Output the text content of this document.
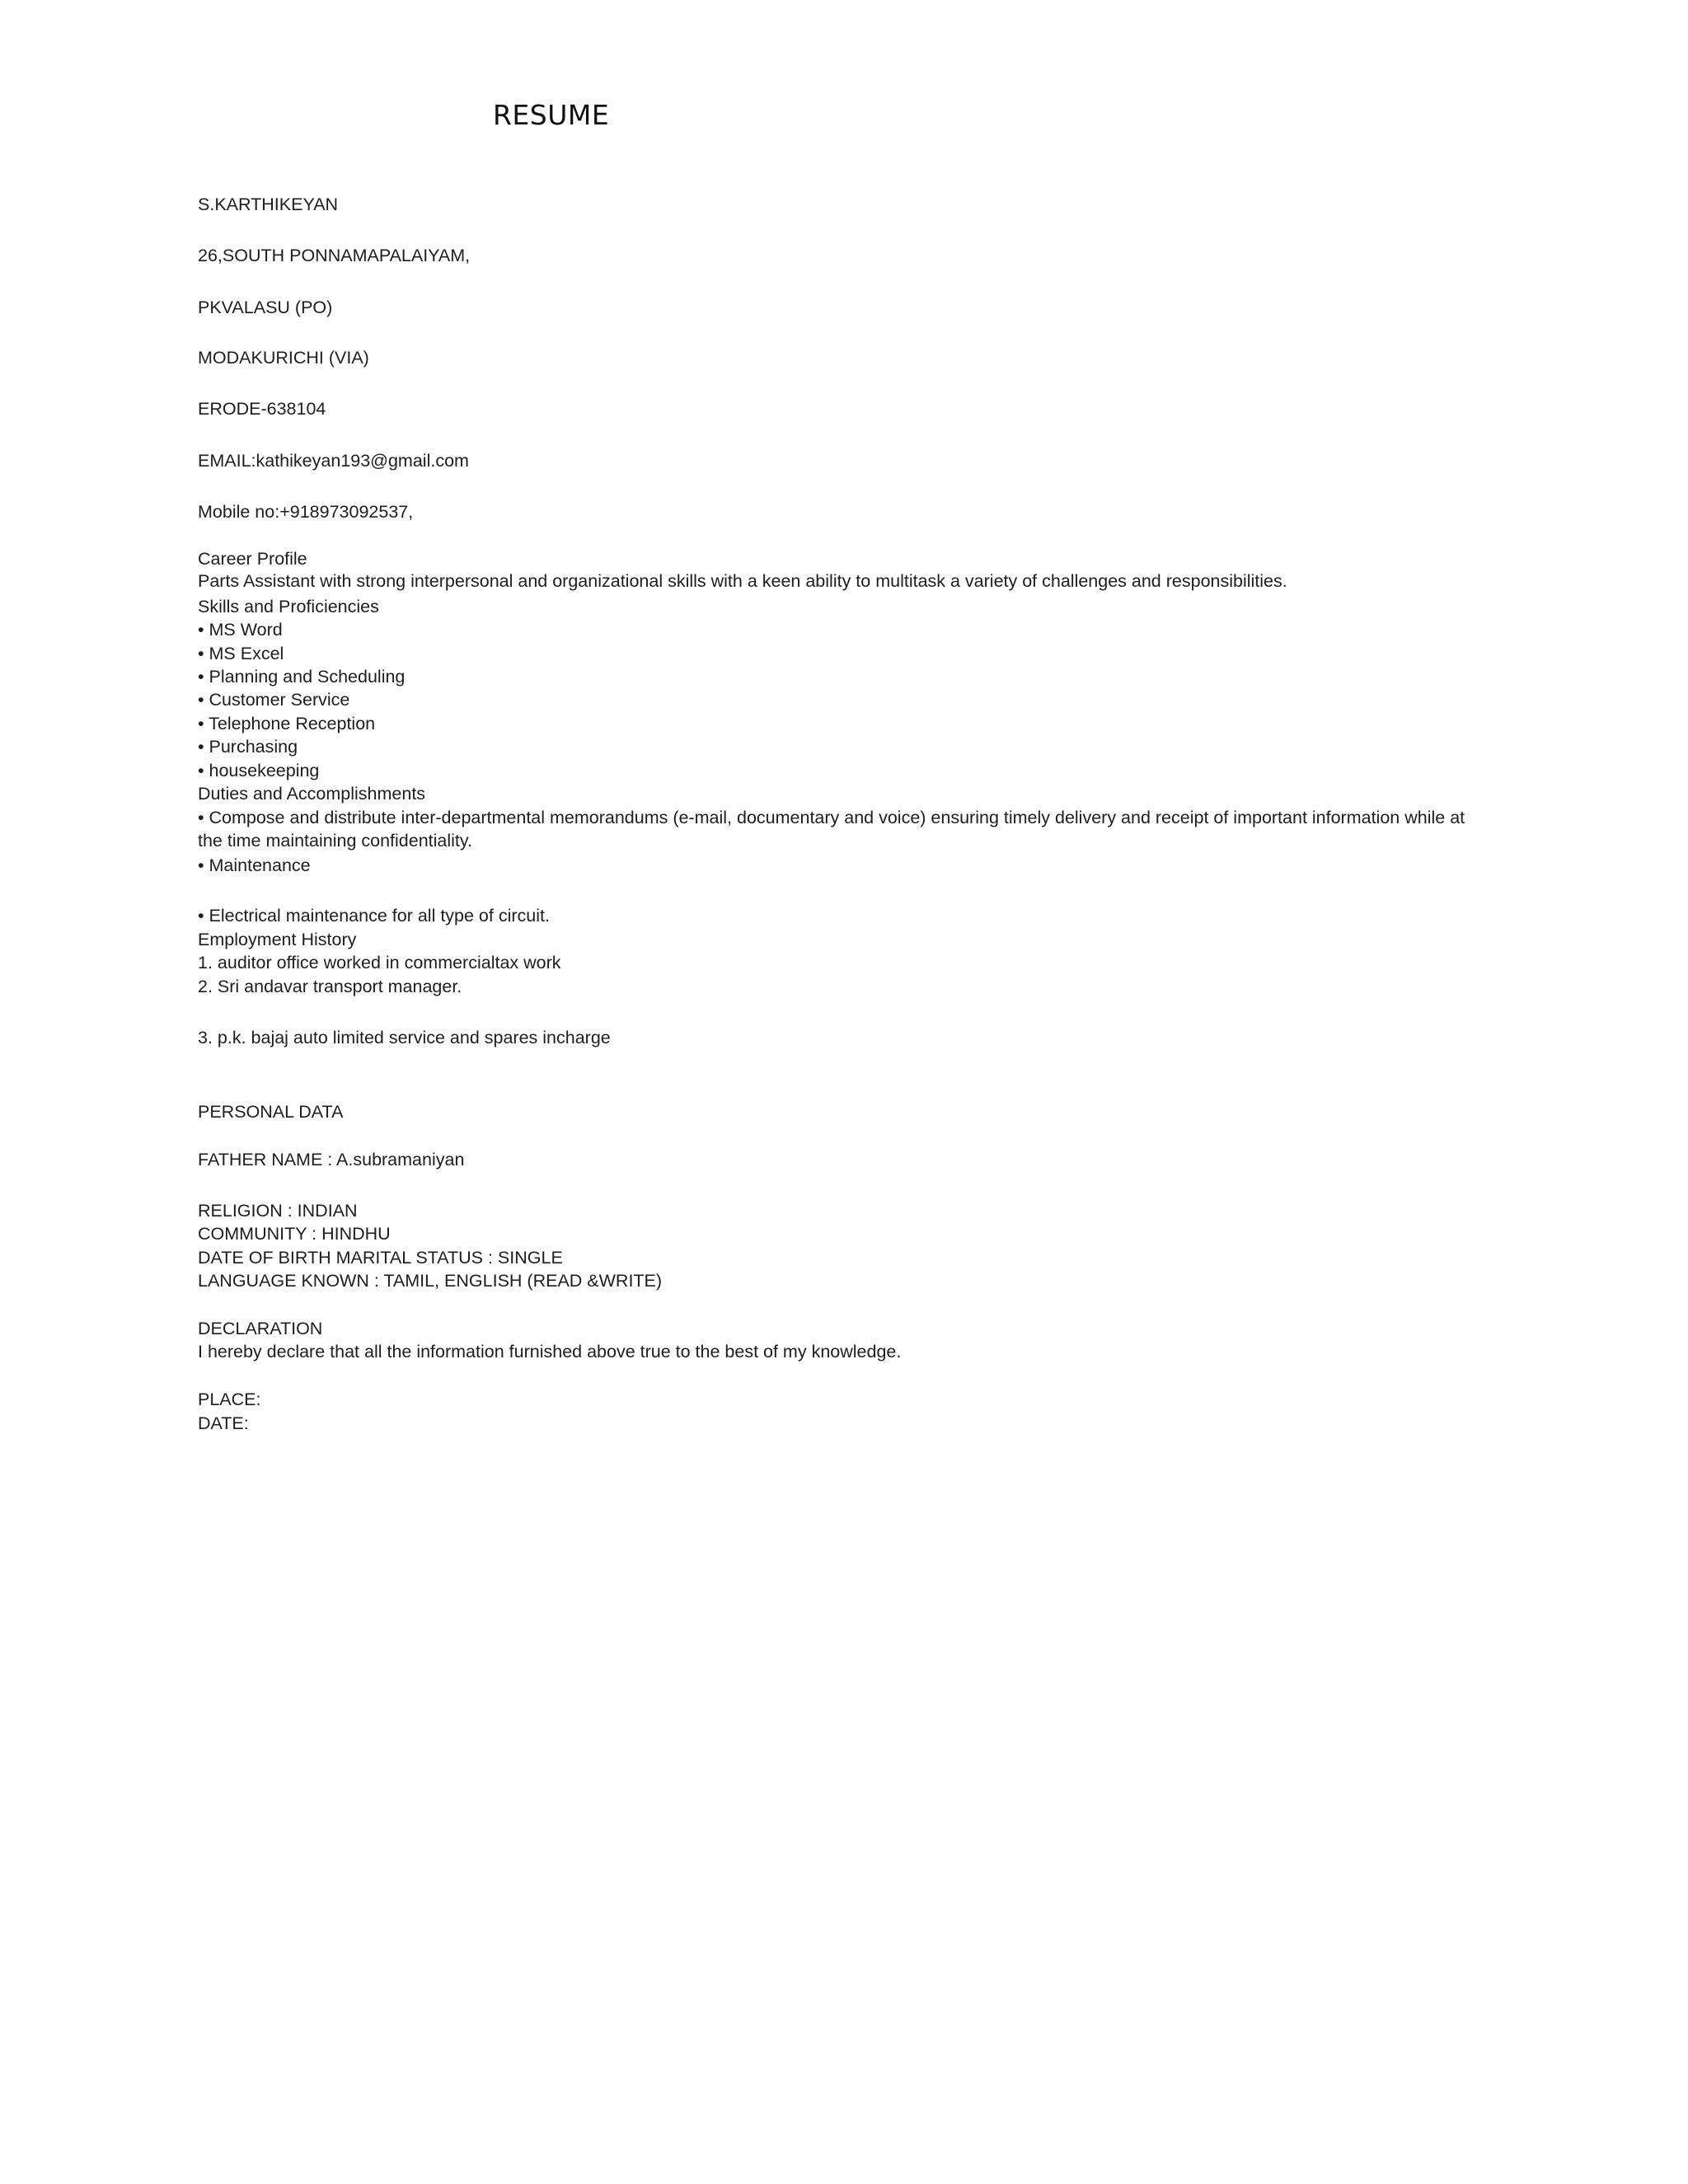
RESUME
S.KARTHIKEYAN
26,SOUTH PONNAMAPALAIYAM,
PKVALASU (PO)
MODAKURICHI (VIA)
ERODE-638104
EMAIL:kathikeyan193@gmail.com
Mobile no:+918973092537,
Career Profile
Parts Assistant with strong interpersonal and organizational skills with a keen ability to multitask a variety of challenges and responsibilities.
Skills and Proficiencies
• MS Word
• MS Excel
• Planning and Scheduling
• Customer Service
• Telephone Reception
• Purchasing
• housekeeping
Duties and Accomplishments
• Compose and distribute inter-departmental memorandums (e-mail, documentary and voice) ensuring timely delivery and receipt of important information while at the time maintaining confidentiality.
• Maintenance
• Electrical maintenance for all type of circuit.
Employment History
1. auditor office worked in commercialtax work
2. Sri andavar transport manager.
3. p.k. bajaj auto limited service and spares incharge
PERSONAL DATA
FATHER NAME : A.subramaniyan
RELIGION : INDIAN
COMMUNITY : HINDHU
DATE OF BIRTH MARITAL STATUS : SINGLE
LANGUAGE KNOWN : TAMIL, ENGLISH (READ &WRITE)
DECLARATION
I hereby declare that all the information furnished above true to the best of my knowledge.
PLACE:
DATE:
